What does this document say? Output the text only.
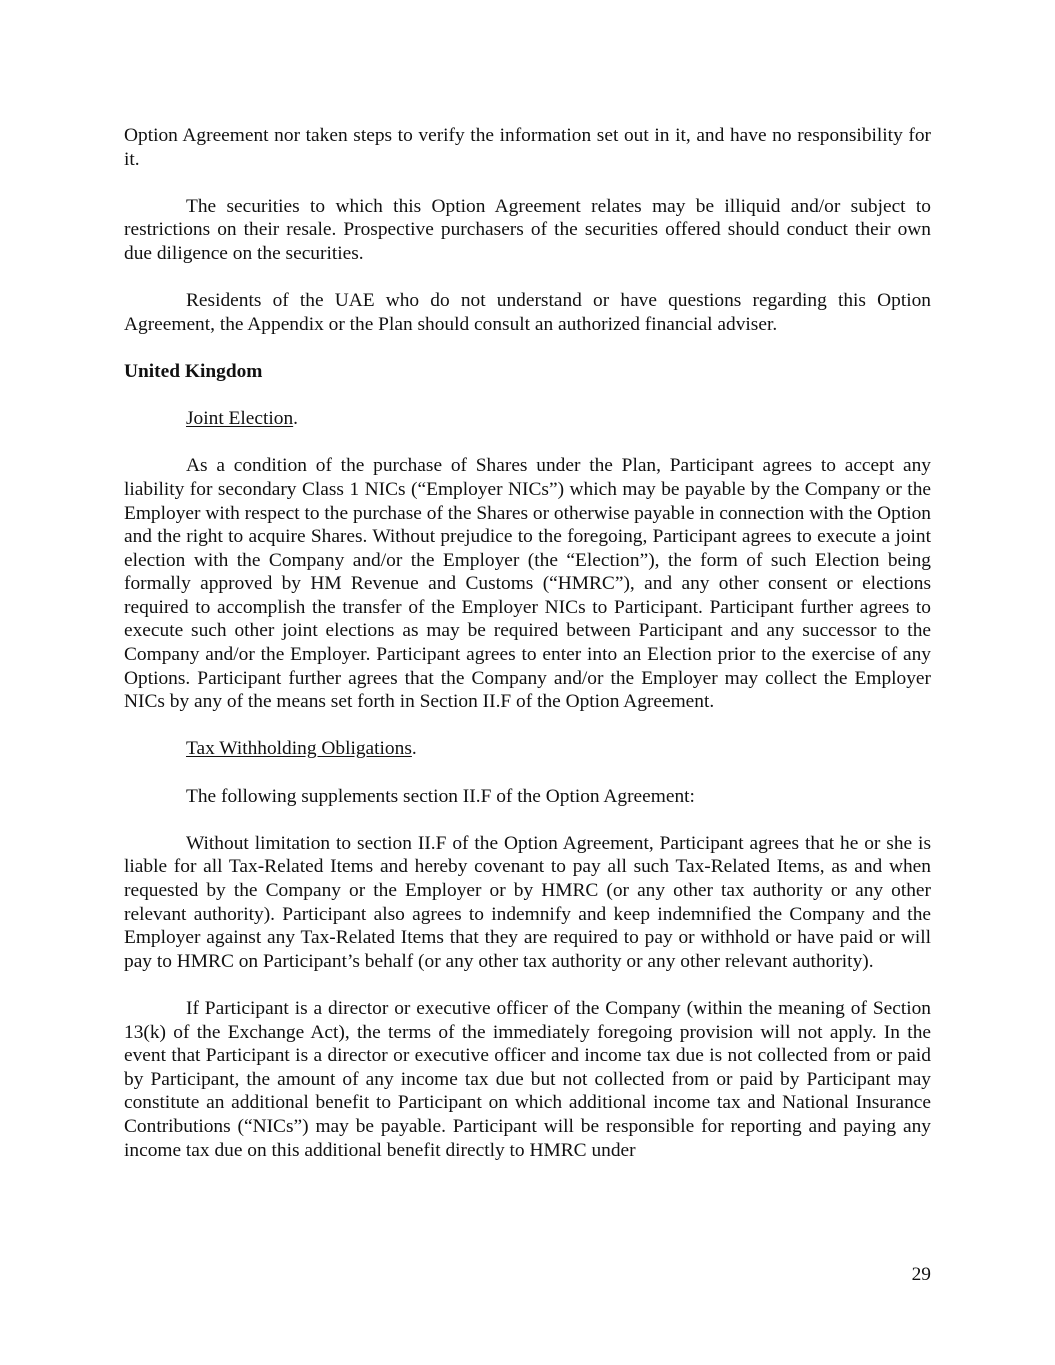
Option Agreement nor taken steps to verify the information set out in it, and have no responsibility for it.

The securities to which this Option Agreement relates may be illiquid and/or subject to restrictions on their resale. Prospective purchasers of the securities offered should conduct their own due diligence on the securities.

Residents of the UAE who do not understand or have questions regarding this Option Agreement, the Appendix or the Plan should consult an authorized financial adviser.

United Kingdom

Joint Election.

As a condition of the purchase of Shares under the Plan, Participant agrees to accept any liability for secondary Class 1 NICs (“Employer NICs”) which may be payable by the Company or the Employer with respect to the purchase of the Shares or otherwise payable in connection with the Option and the right to acquire Shares. Without prejudice to the foregoing, Participant agrees to execute a joint election with the Company and/or the Employer (the “Election”), the form of such Election being formally approved by HM Revenue and Customs (“HMRC”), and any other consent or elections required to accomplish the transfer of the Employer NICs to Participant. Participant further agrees to execute such other joint elections as may be required between Participant and any successor to the Company and/or the Employer. Participant agrees to enter into an Election prior to the exercise of any Options. Participant further agrees that the Company and/or the Employer may collect the Employer NICs by any of the means set forth in Section II.F of the Option Agreement.

Tax Withholding Obligations.

The following supplements section II.F of the Option Agreement:

Without limitation to section II.F of the Option Agreement, Participant agrees that he or she is liable for all Tax-Related Items and hereby covenant to pay all such Tax-Related Items, as and when requested by the Company or the Employer or by HMRC (or any other tax authority or any other relevant authority). Participant also agrees to indemnify and keep indemnified the Company and the Employer against any Tax-Related Items that they are required to pay or withhold or have paid or will pay to HMRC on Participant’s behalf (or any other tax authority or any other relevant authority).

If Participant is a director or executive officer of the Company (within the meaning of Section 13(k) of the Exchange Act), the terms of the immediately foregoing provision will not apply. In the event that Participant is a director or executive officer and income tax due is not collected from or paid by Participant, the amount of any income tax due but not collected from or paid by Participant may constitute an additional benefit to Participant on which additional income tax and National Insurance Contributions (“NICs”) may be payable. Participant will be responsible for reporting and paying any income tax due on this additional benefit directly to HMRC under

29
